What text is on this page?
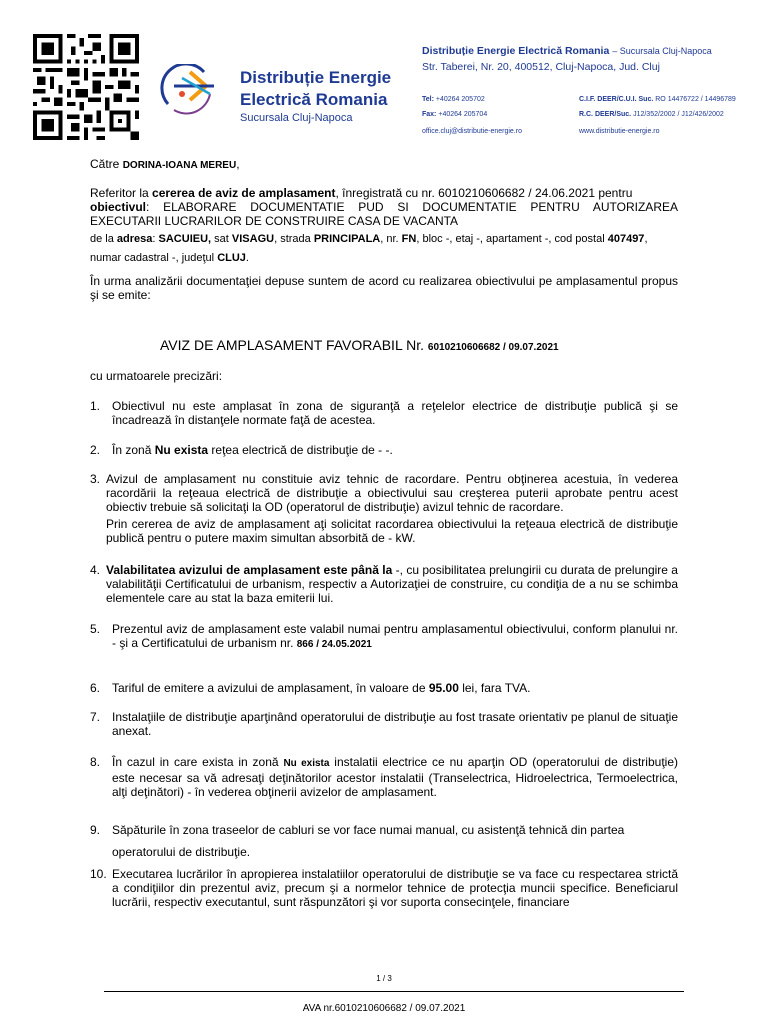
Distribuție Energie
Electrică Romania
Sucursala Cluj-Napoca
Distribuție Energie Electrică Romania – Sucursala Cluj-Napoca
Str. Taberei, Nr. 20, 400512, Cluj-Napoca, Jud. Cluj
Tel: +40264 205702
Fax: +40264 205704
office.cluj@distributie-energie.ro
C.I.F. DEER/C.U.I. Suc. RO 14476722 / 14496789
R.C. DEER/Suc. J12/352/2002 / J12/426/2002
www.distributie-energie.ro
Către DORINA-IOANA MEREU,
Referitor la cererea de aviz de amplasament, înregistrată cu nr. 6010210606682 / 24.06.2021 pentru
obiectivul: ELABORARE DOCUMENTATIE PUD SI DOCUMENTATIE PENTRU AUTORIZAREA EXECUTARII LUCRARILOR DE CONSTRUIRE CASA DE VACANTA
de la adresa: SACUIEU, sat VISAGU, strada PRINCIPALA, nr. FN, bloc -, etaj -, apartament -, cod postal 407497,
numar cadastral -, judeţul CLUJ.
În urma analizării documentaţiei depuse suntem de acord cu realizarea obiectivului pe amplasamentul propus şi se emite:
AVIZ DE AMPLASAMENT FAVORABIL Nr. 6010210606682 / 09.07.2021
cu urmatoarele precizări:
1. Obiectivul nu este amplasat în zona de siguranţă a reţelelor electrice de distribuţie publică şi se încadrează în distanţele normate faţă de acestea.
2. În zonă Nu exista reţea electrică de distribuţie de - -.
3. Avizul de amplasament nu constituie aviz tehnic de racordare. Pentru obţinerea acestuia, în vederea racordării la reţeaua electrică de distribuţie a obiectivului sau creşterea puterii aprobate pentru acest obiectiv trebuie să solicitaţi la OD (operatorul de distribuţie) avizul tehnic de racordare.
Prin cererea de aviz de amplasament aţi solicitat racordarea obiectivului la reţeaua electrică de distribuţie publică pentru o putere maxim simultan absorbită de - kW.
4. Valabilitatea avizului de amplasament este până la -, cu posibilitatea prelungirii cu durata de prelungire a valabilităţii Certificatului de urbanism, respectiv a Autorizaţiei de construire, cu condiţia de a nu se schimba elementele care au stat la baza emiterii lui.
5. Prezentul aviz de amplasament este valabil numai pentru amplasamentul obiectivului, conform planului nr. - şi a Certificatului de urbanism nr. 866 / 24.05.2021
6. Tariful de emitere a avizului de amplasament, în valoare de 95.00 lei, fara TVA.
7. Instalaţiile de distribuţie aparţinând operatorului de distribuţie au fost trasate orientativ pe planul de situaţie anexat.
8. În cazul in care exista in zonă Nu exista instalatii electrice ce nu aparţin OD (operatorului de distribuţie) este necesar sa vă adresaţi deţinătorilor acestor instalatii (Transelectrica, Hidroelectrica, Termoelectrica, alţi deţinători) - în vederea obţinerii avizelor de amplasament.
9. Săpăturile în zona traseelor de cabluri se vor face numai manual, cu asistenţă tehnică din partea
operatorului de distribuţie.
10. Executarea lucrărilor în apropierea instalatiilor operatorului de distribuţie se va face cu respectarea strictă a condiţiilor din prezentul aviz, precum şi a normelor tehnice de protecţia muncii specifice. Beneficiarul lucrării, respectiv executantul, sunt răspunzători şi vor suporta consecinţele, financiare
1 / 3
AVA nr.6010210606682 / 09.07.2021
